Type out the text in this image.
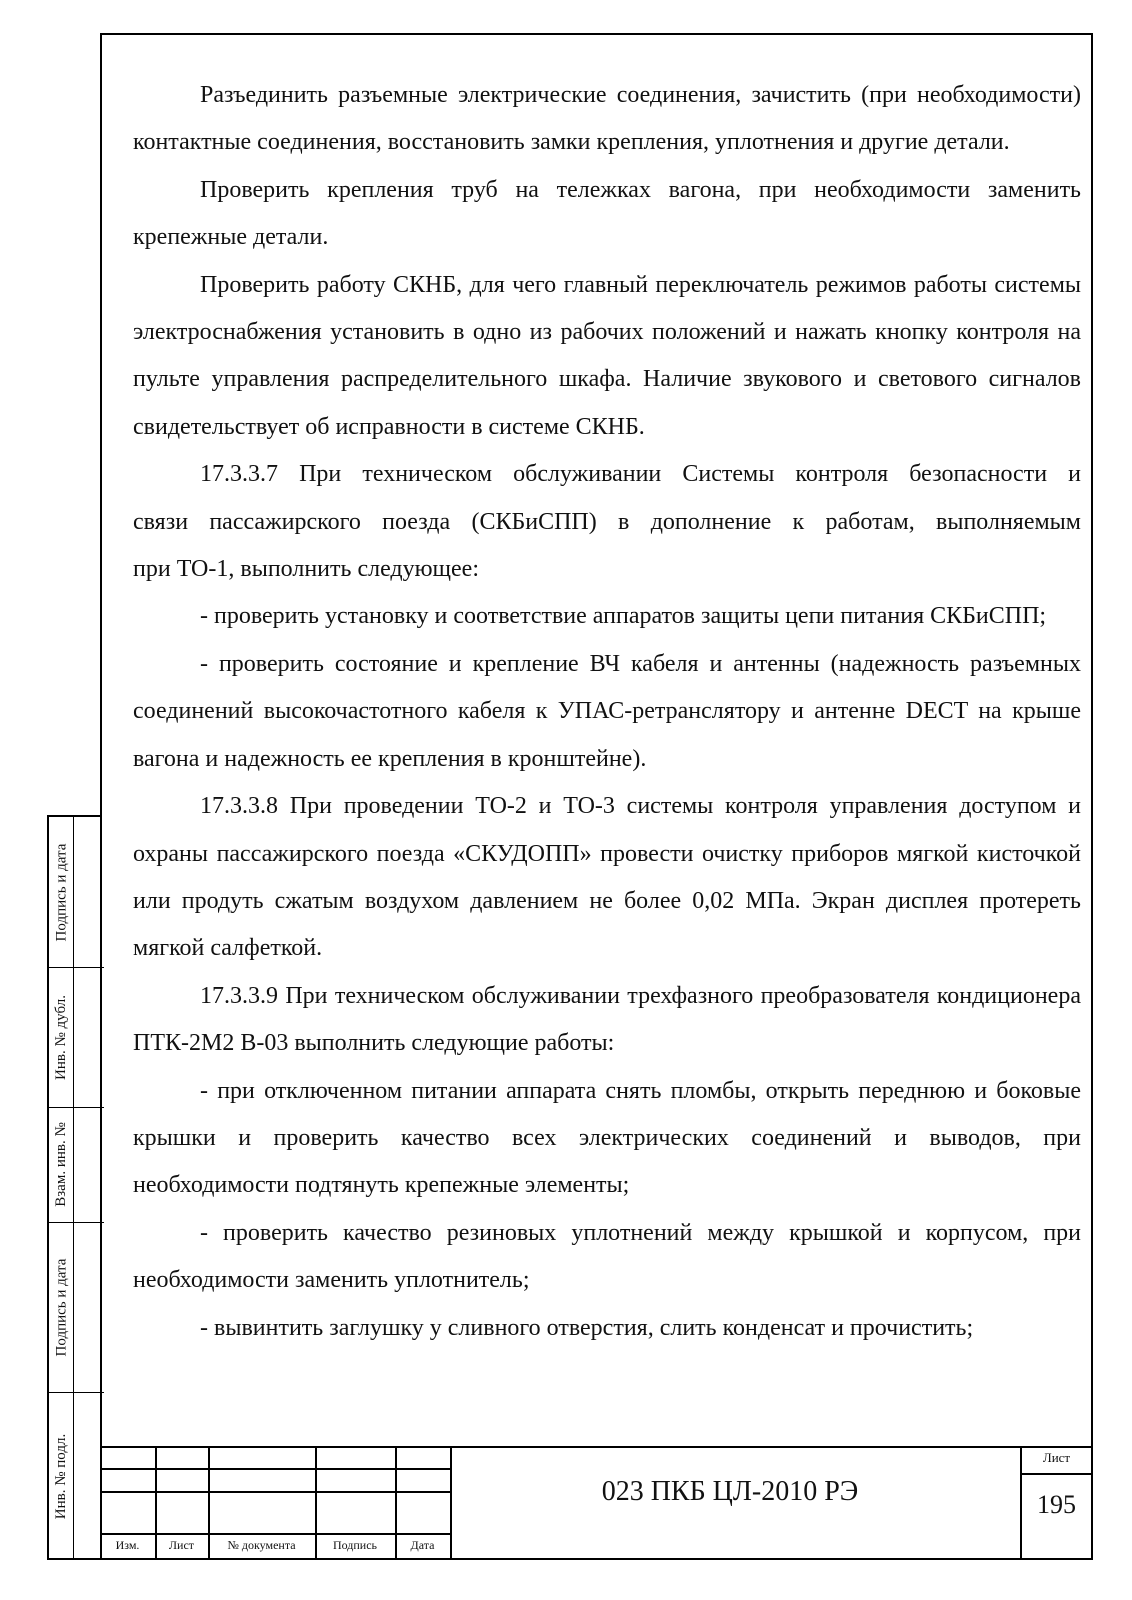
Разъединить разъемные электрические соединения, зачистить (при необходимости) контактные соединения, восстановить замки крепления, уплотнения и другие детали.

Проверить крепления труб на тележках вагона, при необходимости заменить крепежные детали.

Проверить работу СКНБ, для чего главный переключатель режимов работы системы электроснабжения установить в одно из рабочих положений и нажать кнопку контроля на пульте управления распределительного шкафа. Наличие звукового и светового сигналов свидетельствует об исправности в системе СКНБ.

17.3.3.7 При техническом обслуживании Системы контроля безопасности и

связи пассажирского поезда (СКБиСПП) в дополнение к работам, выполняемым

при ТО-1, выполнить следующее:

- проверить установку и соответствие аппаратов защиты цепи питания СКБиСПП;

- проверить состояние и крепление ВЧ кабеля и антенны (надежность разъемных соединений высокочастотного кабеля к УПАС-ретранслятору и антенне DECT на крыше вагона и надежность ее крепления в кронштейне).

17.3.3.8 При проведении ТО-2 и ТО-3 системы контроля управления доступом и охраны пассажирского поезда «СКУДОПП» провести очистку приборов мягкой кисточкой или продуть сжатым воздухом давлением не более 0,02 МПа. Экран дисплея протереть мягкой салфеткой.

17.3.3.9 При техническом обслуживании трехфазного преобразователя кондиционера ПТК-2М2 В-03 выполнить следующие работы:

- при отключенном питании аппарата снять пломбы, открыть переднюю и боковые крышки и проверить качество всех электрических соединений и выводов, при необходимости подтянуть крепежные элементы;

- проверить качество резиновых уплотнений между крышкой и корпусом, при необходимости заменить уплотнитель;

- вывинтить заглушку у сливного отверстия, слить конденсат и прочистить;

Подпись и дата
Инв. № дубл.
Взам. инв. №
Подпись и дата
Инв. № подл.
Изм.	Лист	№ документа	Подпись	Дата
023 ПКБ ЦЛ-2010 РЭ
Лист
195
